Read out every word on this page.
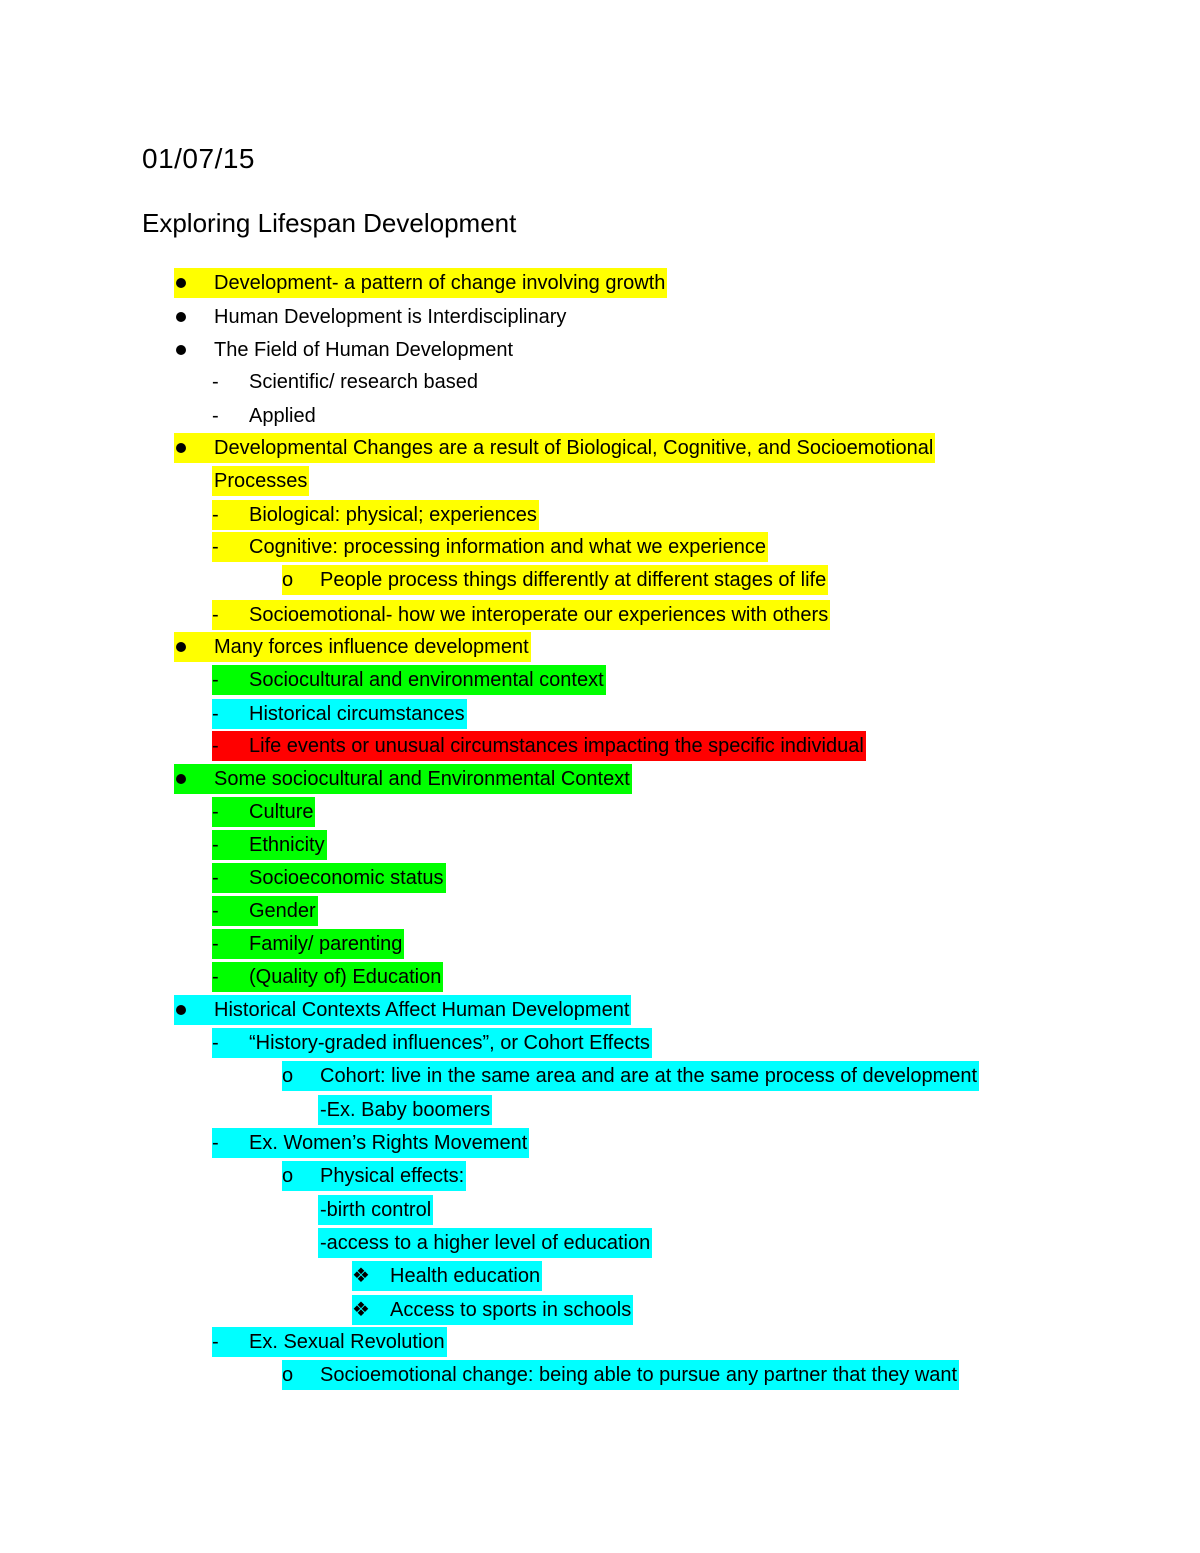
01/07/15
Exploring Lifespan Development
Development- a pattern of change involving growth
Human Development is Interdisciplinary
The Field of Human Development
- Scientific/ research based
- Applied
Developmental Changes are a result of Biological, Cognitive, and Socioemotional
Processes
- Biological: physical; experiences
- Cognitive: processing information and what we experience
o People process things differently at different stages of life
- Socioemotional- how we interoperate our experiences with others
Many forces influence development
- Sociocultural and environmental context
- Historical circumstances
- Life events or unusual circumstances impacting the specific individual
Some sociocultural and Environmental Context
- Culture
- Ethnicity
- Socioeconomic status
- Gender
- Family/ parenting
- (Quality of) Education
Historical Contexts Affect Human Development
- “History-graded influences”, or Cohort Effects
o Cohort: live in the same area and are at the same process of development
-Ex. Baby boomers
- Ex. Women’s Rights Movement
o Physical effects:
-birth control
-access to a higher level of education
❖ Health education
❖ Access to sports in schools
- Ex. Sexual Revolution
o Socioemotional change: being able to pursue any partner that they want
